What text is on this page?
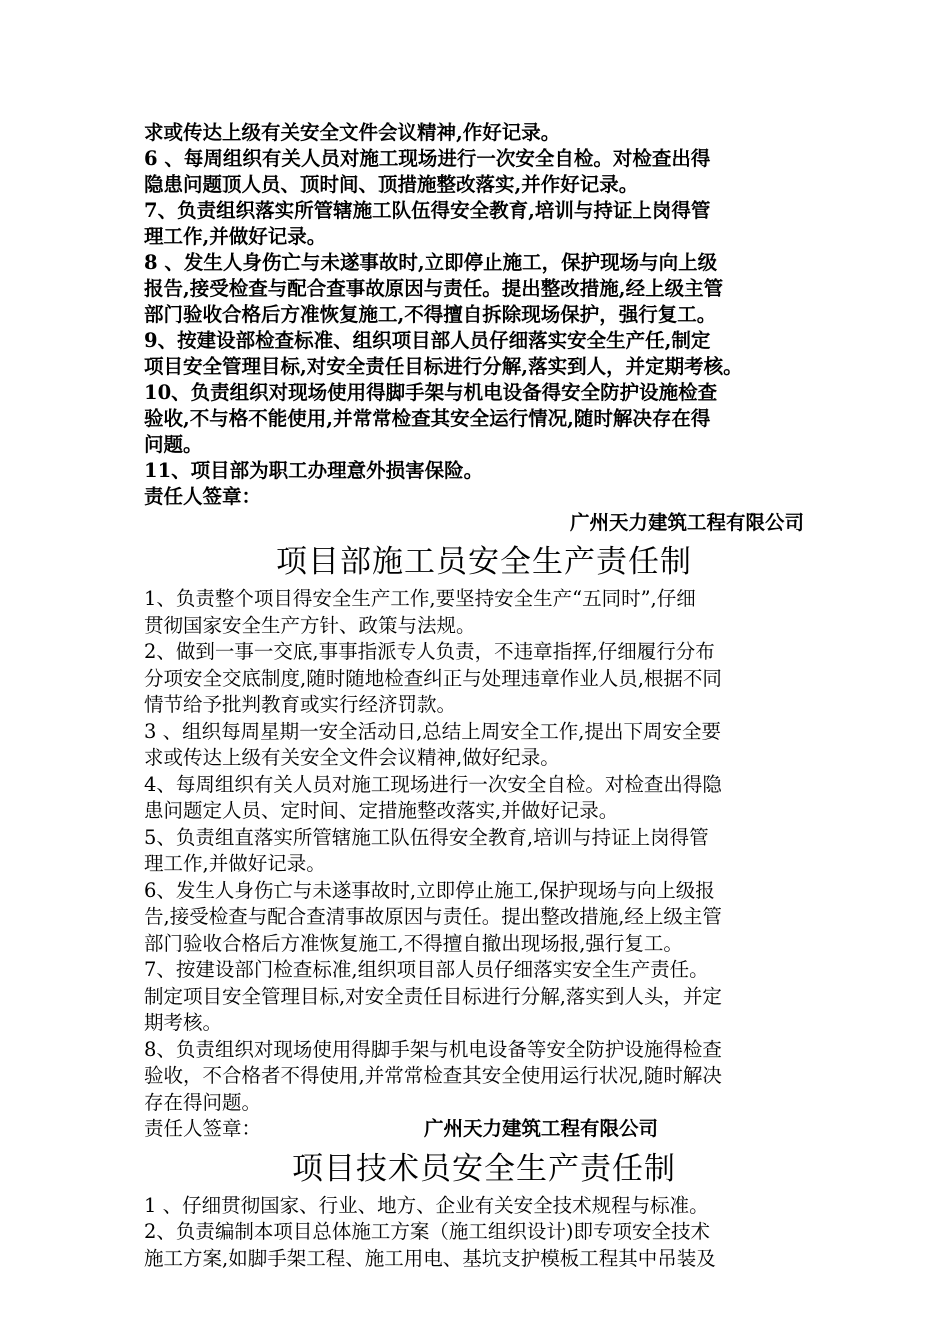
求或传达上级有关安全文件会议精神,作好记录。
6 、每周组织有关人员对施工现场进行一次安全自检。对检查出得
隐患问题顶人员、顶时间、顶措施整改落实,并作好记录。
7、负责组织落实所管辖施工队伍得安全教育,培训与持证上岗得管
理工作,并做好记录。
8 、发生人身伤亡与未遂事故时,立即停止施工，保护现场与向上级
报告,接受检查与配合查事故原因与责任。提出整改措施,经上级主管
部门验收合格后方准恢复施工,不得擅自拆除现场保护，强行复工。
9、按建设部检查标准、组织项目部人员仔细落实安全生产任,制定
项目安全管理目标,对安全责任目标进行分解,落实到人，并定期考核。
10、负责组织对现场使用得脚手架与机电设备得安全防护设施检查
验收,不与格不能使用,并常常检查其安全运行情况,随时解决存在得
问题。
11、项目部为职工办理意外损害保险。
责任人签章：
广州天力建筑工程有限公司
项目部施工员安全生产责任制
1、负责整个项目得安全生产工作,要坚持安全生产“五同时”,仔细
贯彻国家安全生产方针、政策与法规。
2、做到一事一交底,事事指派专人负责，不违章指挥,仔细履行分布
分项安全交底制度,随时随地检查纠正与处理违章作业人员,根据不同
情节给予批判教育或实行经济罚款。
3 、组织每周星期一安全活动日,总结上周安全工作,提出下周安全要
求或传达上级有关安全文件会议精神,做好纪录。
4、每周组织有关人员对施工现场进行一次安全自检。对检查出得隐
患问题定人员、定时间、定措施整改落实,并做好记录。
5、负责组直落实所管辖施工队伍得安全教育,培训与持证上岗得管
理工作,并做好记录。
6、发生人身伤亡与未遂事故时,立即停止施工,保护现场与向上级报
告,接受检查与配合查清事故原因与责任。提出整改措施,经上级主管
部门验收合格后方准恢复施工,不得擅自撤出现场报,强行复工。
7、按建设部门检查标准,组织项目部人员仔细落实安全生产责任。
制定项目安全管理目标,对安全责任目标进行分解,落实到人头，并定
期考核。
8、负责组织对现场使用得脚手架与机电设备等安全防护设施得检查
验收，不合格者不得使用,并常常检查其安全使用运行状况,随时解决
存在得问题。
责任人签章：	广州天力建筑工程有限公司
项目技术员安全生产责任制
1 、仔细贯彻国家、行业、地方、企业有关安全技术规程与标准。
2、负责编制本项目总体施工方案（施工组织设计)即专项安全技术
施工方案,如脚手架工程、施工用电、基坑支护模板工程其中吊装及
